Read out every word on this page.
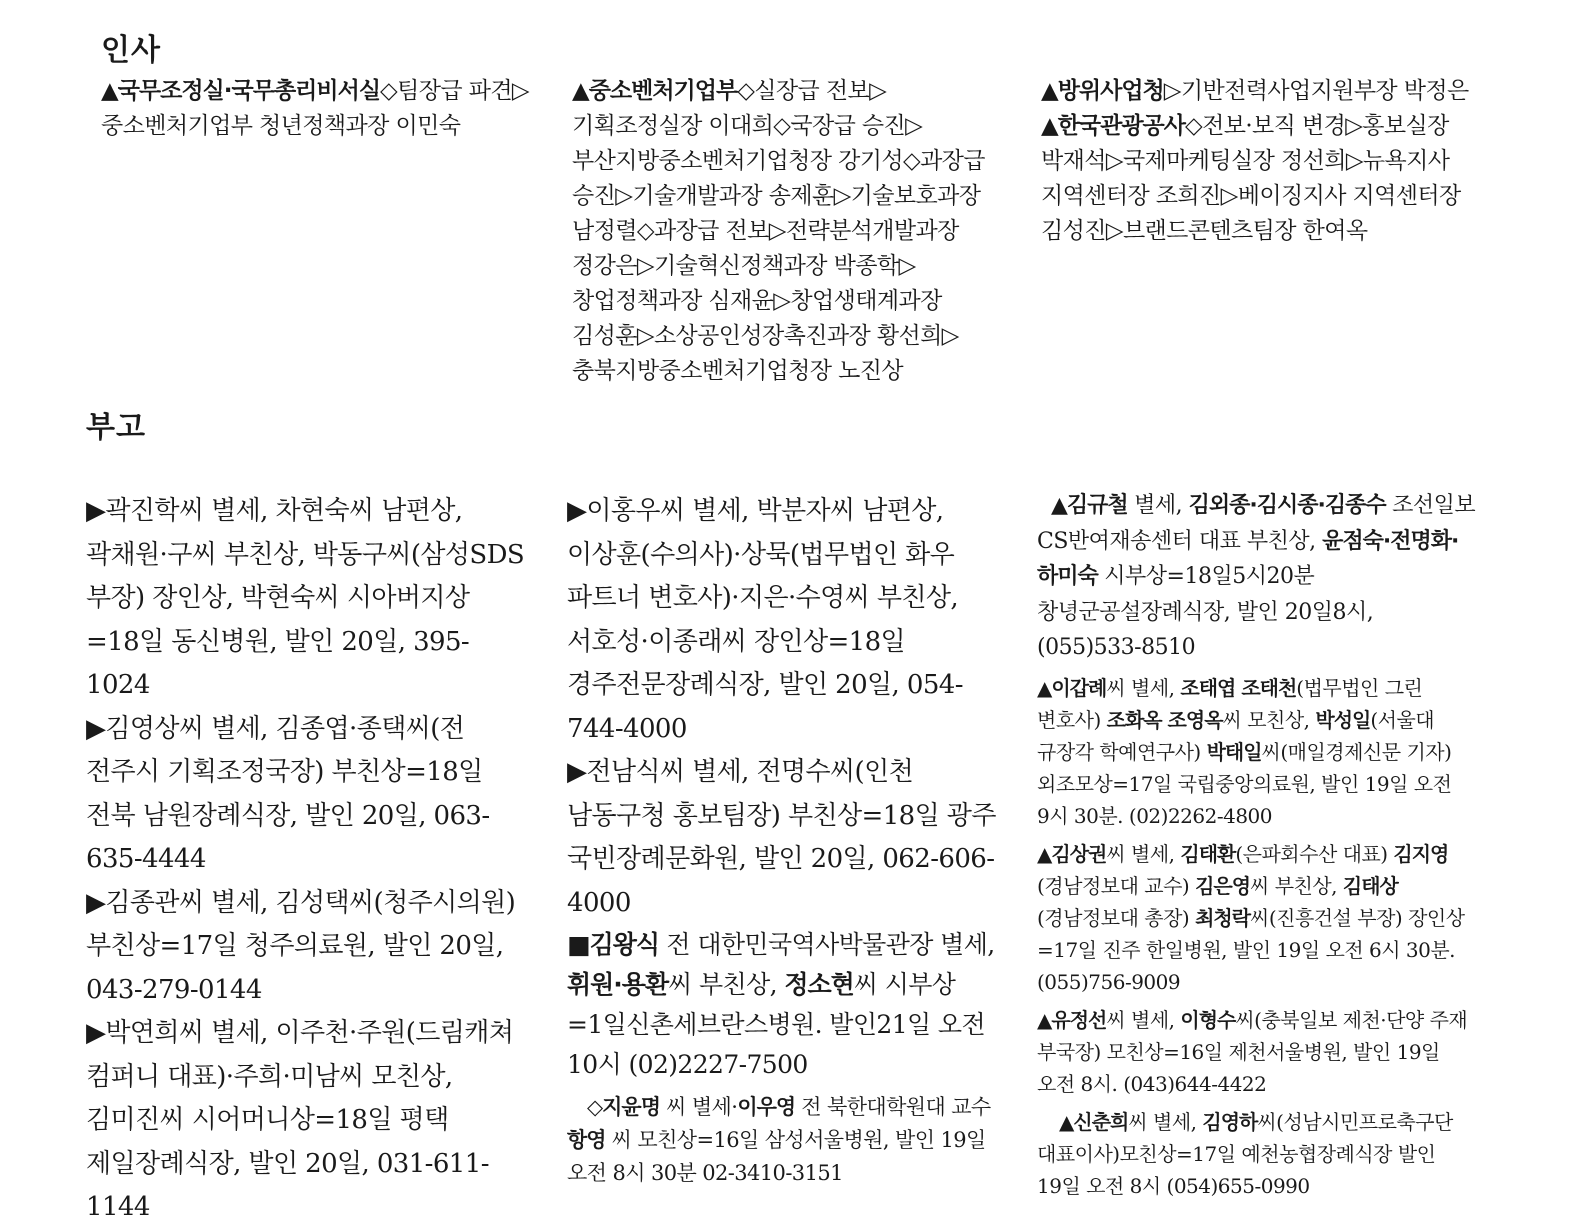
인사

▲국무조정실·국무총리비서실◇팀장급 파견▷중소벤처기업부 청년정책과장 이민숙

▲중소벤처기업부◇실장급 전보▷기획조정실장 이대희◇국장급 승진▷부산지방중소벤처기업청장 강기성◇과장급 승진▷기술개발과장 송제훈▷기술보호과장 남정렬◇과장급 전보▷전략분석개발과장 정강은▷기술혁신정책과장 박종학▷창업정책과장 심재윤▷창업생태계과장 김성훈▷소상공인성장촉진과장 황선희▷충북지방중소벤처기업청장 노진상

▲방위사업청▷기반전력사업지원부장 박정은

▲한국관광공사◇전보·보직 변경▷홍보실장 박재석▷국제마케팅실장 정선희▷뉴욕지사 지역센터장 조희진▷베이징지사 지역센터장 김성진▷브랜드콘텐츠팀장 한여옥

부고

▶곽진학씨 별세, 차현숙씨 남편상, 곽채원·구씨 부친상, 박동구씨(삼성SDS 부장) 장인상, 박현숙씨 시아버지상=18일 동신병원, 발인 20일, 395-1024

▶김영상씨 별세, 김종엽·종택씨(전 전주시 기획조정국장) 부친상=18일 전북 남원장례식장, 발인 20일, 063-635-4444

▶김종관씨 별세, 김성택씨(청주시의원) 부친상=17일 청주의료원, 발인 20일, 043-279-0144

▶박연희씨 별세, 이주천·주원(드림캐쳐 컴퍼니 대표)·주희·미남씨 모친상, 김미진씨 시어머니상=18일 평택 제일장례식장, 발인 20일, 031-611-1144

▶이홍우씨 별세, 박분자씨 남편상, 이상훈(수의사)·상묵(법무법인 화우 파트너 변호사)·지은·수영씨 부친상, 서호성·이종래씨 장인상=18일 경주전문장례식장, 발인 20일, 054-744-4000

▶전남식씨 별세, 전명수씨(인천 남동구청 홍보팀장) 부친상=18일 광주 국빈장례문화원, 발인 20일, 062-606-4000

■김왕식 전 대한민국역사박물관장 별세, 휘원·용환씨 부친상, 정소현씨 시부상=1일신촌세브란스병원. 발인21일 오전 10시 (02)2227-7500

◇지윤명 씨 별세·이우영 전 북한대학원대 교수 항영 씨 모친상=16일 삼성서울병원, 발인 19일 오전 8시 30분 02-3410-3151

▲김규철 별세, 김외종·김시종·김종수 조선일보 CS반여재송센터 대표 부친상, 윤점숙·전명화·하미숙 시부상=18일5시20분 창녕군공설장례식장, 발인 20일8시, (055)533-8510

▲이갑례씨 별세, 조태엽 조태천(법무법인 그린 변호사) 조화옥 조영옥씨 모친상, 박성일(서울대 규장각 학예연구사) 박태일씨(매일경제신문 기자) 외조모상=17일 국립중앙의료원, 발인 19일 오전 9시 30분. (02)2262-4800

▲김상권씨 별세, 김태환(은파회수산 대표) 김지영(경남정보대 교수) 김은영씨 부친상, 김태상(경남정보대 총장) 최청락씨(진흥건설 부장) 장인상=17일 진주 한일병원, 발인 19일 오전 6시 30분. (055)756-9009

▲유정선씨 별세, 이형수씨(충북일보 제천·단양 주재 부국장) 모친상=16일 제천서울병원, 발인 19일 오전 8시. (043)644-4422

▲신춘희씨 별세, 김영하씨(성남시민프로축구단 대표이사)모친상=17일 예천농협장례식장 발인 19일 오전 8시 (054)655-0990
